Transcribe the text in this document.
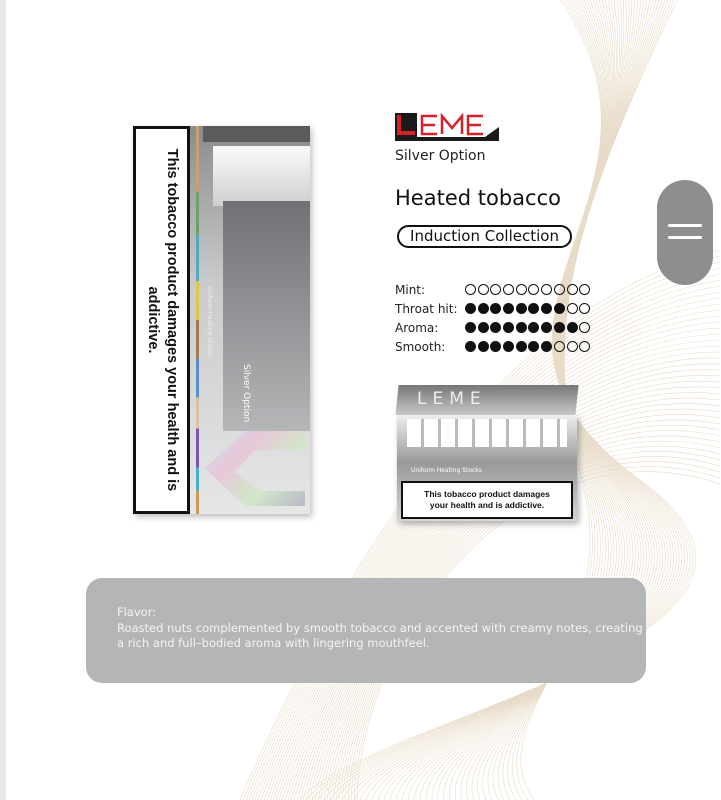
This tobacco product damages your health and is addictive.	Uniform Heating Stocks
Silver Option
Silver Option
Heated tobacco
Induction Collection
Mint:
Throat hit:
Aroma:
Smooth:
Uniform Heating Stocks
This tobacco product damages
your health and is addictive.
LEME
Flavor:
Roasted nuts complemented by smooth tobacco and accented with creamy notes, creating
a rich and full–bodied aroma with lingering mouthfeel.
